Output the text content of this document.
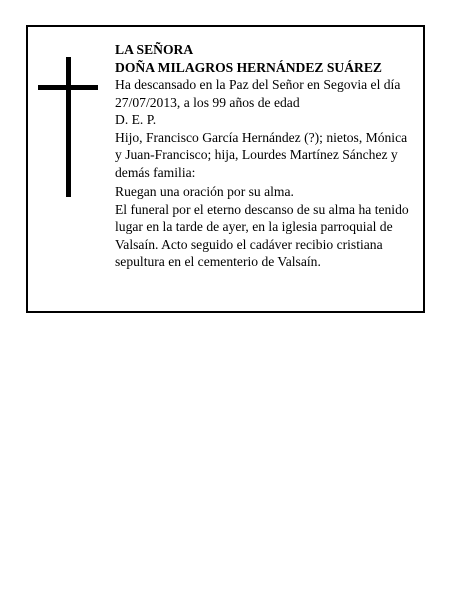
LA SEÑORA

DOÑA MILAGROS HERNÁNDEZ SUÁREZ

Ha descansado en la Paz del Señor en Segovia el día 27/07/2013, a los 99 años de edad

D. E. P.

Hijo, Francisco García Hernández (?); nietos, Mónica y Juan-Francisco; hija, Lourdes Martínez Sánchez y demás familia:

Ruegan una oración por su alma.

El funeral por el eterno descanso de su alma ha tenido lugar en la tarde de ayer, en la iglesia parroquial de Valsaín. Acto seguido el cadáver recibio cristiana sepultura en el cementerio de Valsaín.
